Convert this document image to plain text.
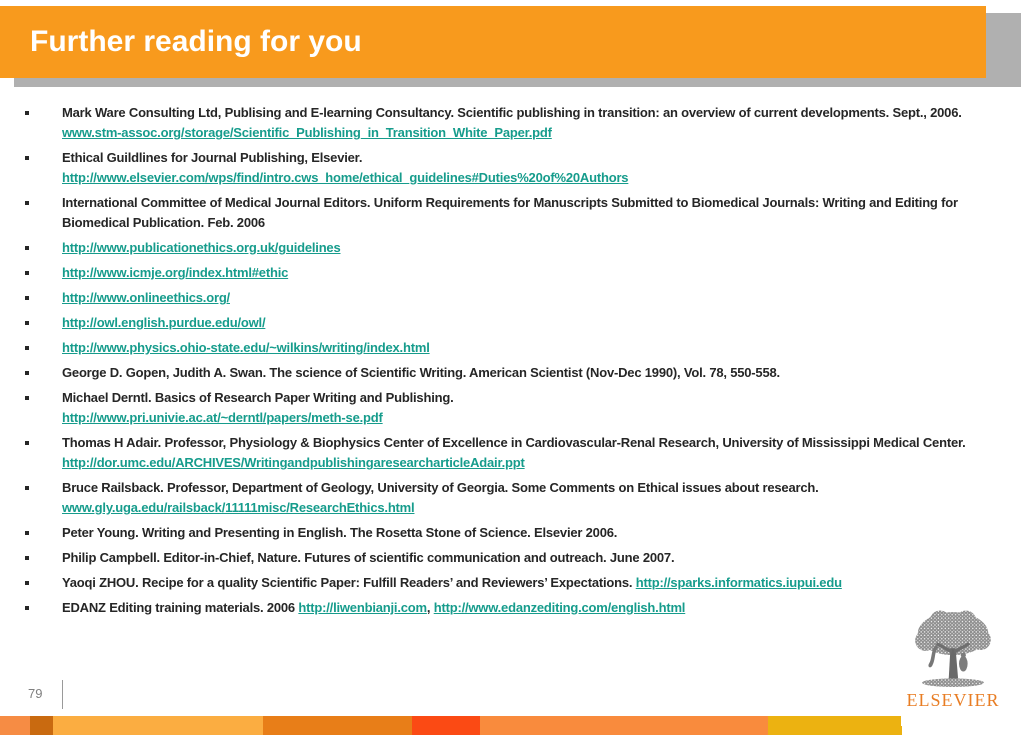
Further reading for you
Mark Ware Consulting Ltd, Publising and E-learning Consultancy. Scientific publishing in transition: an overview of current developments. Sept., 2006.
www.stm-assoc.org/storage/Scientific_Publishing_in_Transition_White_Paper.pdf
Ethical Guildlines for Journal Publishing, Elsevier.
http://www.elsevier.com/wps/find/intro.cws_home/ethical_guidelines#Duties%20of%20Authors
International Committee of Medical Journal Editors. Uniform Requirements for Manuscripts Submitted to Biomedical Journals: Writing and Editing for Biomedical Publication. Feb. 2006
http://www.publicationethics.org.uk/guidelines
http://www.icmje.org/index.html#ethic
http://www.onlineethics.org/
http://owl.english.purdue.edu/owl/
http://www.physics.ohio-state.edu/~wilkins/writing/index.html
George D. Gopen, Judith A. Swan. The science of Scientific Writing. American Scientist (Nov-Dec 1990), Vol. 78, 550-558.
Michael Derntl. Basics of Research Paper Writing and Publishing.
http://www.pri.univie.ac.at/~derntl/papers/meth-se.pdf
Thomas H Adair. Professor, Physiology & Biophysics Center of Excellence in Cardiovascular-Renal Research, University of Mississippi Medical Center. http://dor.umc.edu/ARCHIVES/WritingandpublishingaresearcharticleAdair.ppt
Bruce Railsback. Professor, Department of Geology, University of Georgia. Some Comments on Ethical issues about research.
www.gly.uga.edu/railsback/11111misc/ResearchEthics.html
Peter Young. Writing and Presenting in English. The Rosetta Stone of Science. Elsevier 2006.
Philip Campbell. Editor-in-Chief, Nature. Futures of scientific communication and outreach. June 2007.
Yaoqi ZHOU. Recipe for a quality Scientific Paper: Fulfill Readers’ and Reviewers’ Expectations. http://sparks.informatics.iupui.edu
EDANZ Editing training materials. 2006 http://liwenbianji.com, http://www.edanzediting.com/english.html
79	ELSEVIER
